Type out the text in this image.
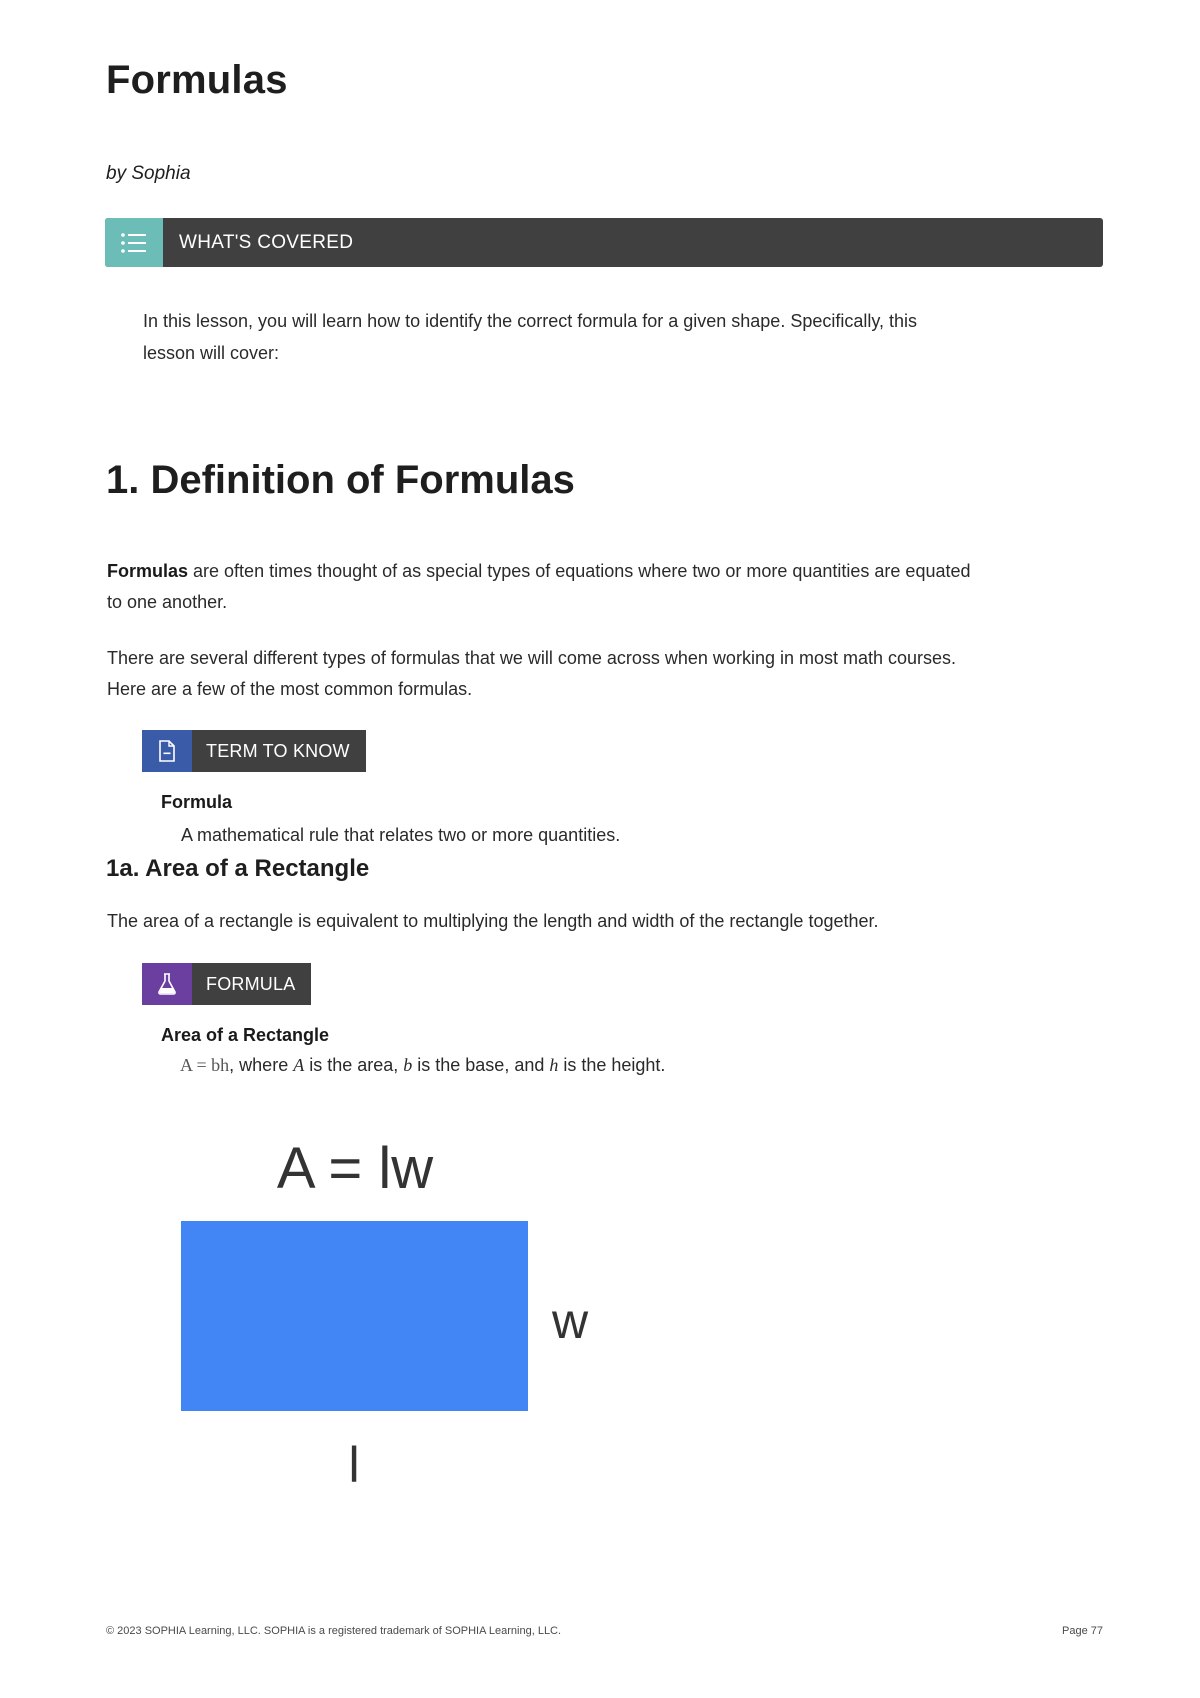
Formulas
by Sophia
WHAT'S COVERED
In this lesson, you will learn how to identify the correct formula for a given shape. Specifically, this
lesson will cover:
1. Definition of Formulas
Formulas are often times thought of as special types of equations where two or more quantities are equated
to one another.
There are several different types of formulas that we will come across when working in most math courses.
Here are a few of the most common formulas.
TERM TO KNOW
Formula
A mathematical rule that relates two or more quantities.
1a. Area of a Rectangle
The area of a rectangle is equivalent to multiplying the length and width of the rectangle together.
FORMULA
Area of a Rectangle
A = bh, where A is the area, b is the base, and h is the height.
A = lw
w
l
© 2023 SOPHIA Learning, LLC. SOPHIA is a registered trademark of SOPHIA Learning, LLC.	Page 77
